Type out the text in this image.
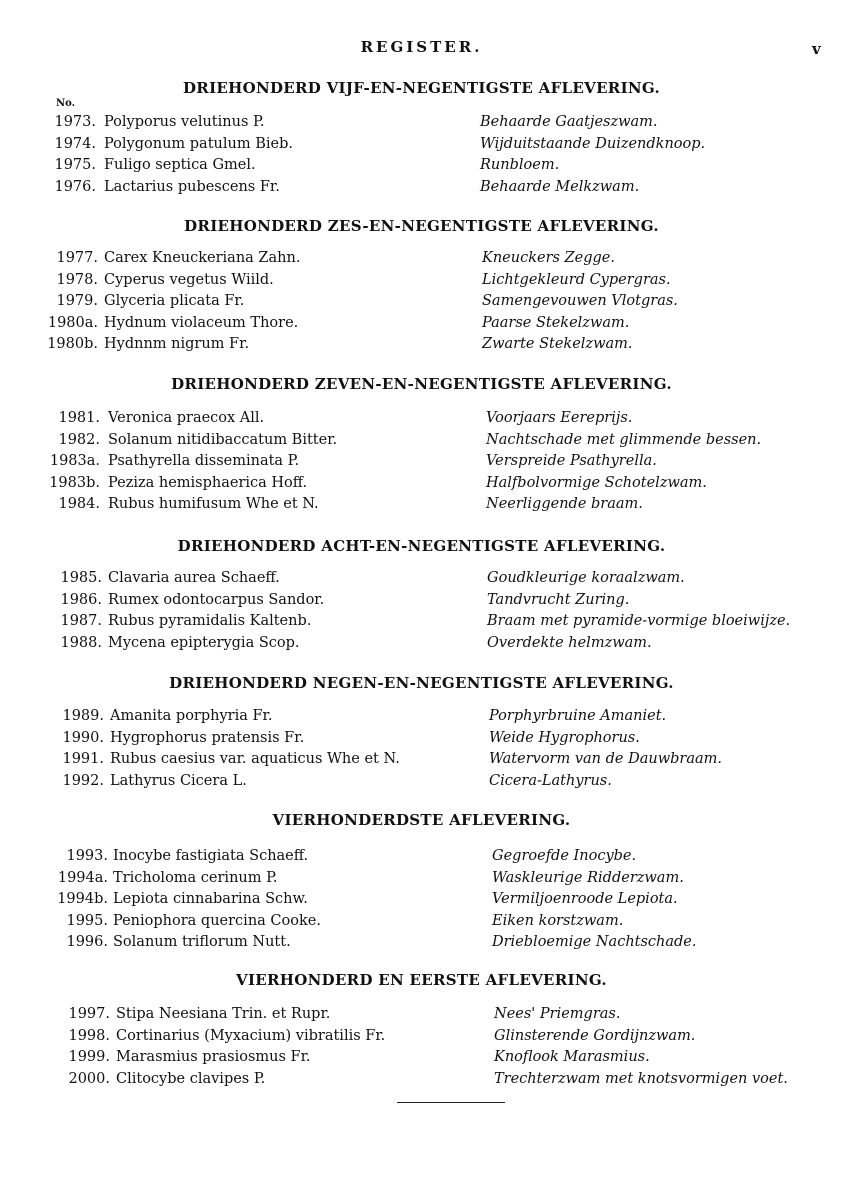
REGISTER.	v
DRIEHONDERD VIJF-EN-NEGENTIGSTE AFLEVERING.
No.
1973. Polyporus velutinus P.	Behaarde Gaatjeszwam.
1974. Polygonum patulum Bieb.	Wijduitstaande Duizendknoop.
1975. Fuligo septica Gmel.	Runbloem.
1976. Lactarius pubescens Fr.	Behaarde Melkzwam.
DRIEHONDERD ZES-EN-NEGENTIGSTE AFLEVERING.
1977. Carex Kneuckeriana Zahn.	Kneuckers Zegge.
1978. Cyperus vegetus Wiild.	Lichtgekleurd Cypergras.
1979. Glyceria plicata Fr.	Samengevouwen Vlotgras.
1980a. Hydnum violaceum Thore.	Paarse Stekelzwam.
1980b. Hydnnm nigrum Fr.	Zwarte Stekelzwam.
DRIEHONDERD ZEVEN-EN-NEGENTIGSTE AFLEVERING.
1981. Veronica praecox All.	Voorjaars Eereprijs.
1982. Solanum nitidibaccatum Bitter.	Nachtschade met glimmende bessen.
1983a. Psathyrella disseminata P.	Verspreide Psathyrella.
1983b. Peziza hemisphaerica Hoff.	Halfbolvormige Schotelzwam.
1984. Rubus humifusum Whe et N.	Neerliggende braam.
DRIEHONDERD ACHT-EN-NEGENTIGSTE AFLEVERING.
1985. Clavaria aurea Schaeff.	Goudkleurige koraalzwam.
1986. Rumex odontocarpus Sandor.	Tandvrucht Zuring.
1987. Rubus pyramidalis Kaltenb.	Braam met pyramide-vormige bloeiwijze.
1988. Mycena epipterygia Scop.	Overdekte helmzwam.
DRIEHONDERD NEGEN-EN-NEGENTIGSTE AFLEVERING.
1989. Amanita porphyria Fr.	Porphyrbruine Amaniet.
1990. Hygrophorus pratensis Fr.	Weide Hygrophorus.
1991. Rubus caesius var. aquaticus Whe et N.	Watervorm van de Dauwbraam.
1992. Lathyrus Cicera L.	Cicera-Lathyrus.
VIERHONDERDSTE AFLEVERING.
1993. Inocybe fastigiata Schaeff.	Gegroefde Inocybe.
1994a. Tricholoma cerinum P.	Waskleurige Ridderzwam.
1994b. Lepiota cinnabarina Schw.	Vermiljoenroode Lepiota.
1995. Peniophora quercina Cooke.	Eiken korstzwam.
1996. Solanum triflorum Nutt.	Driebloemige Nachtschade.
VIERHONDERD EN EERSTE AFLEVERING.
1997. Stipa Neesiana Trin. et Rupr.	Nees' Priemgras.
1998. Cortinarius (Myxacium) vibratilis Fr.	Glinsterende Gordijnzwam.
1999. Marasmius prasiosmus Fr.	Knoflook Marasmius.
2000. Clitocybe clavipes P.	Trechterzwam met knotsvormigen voet.
